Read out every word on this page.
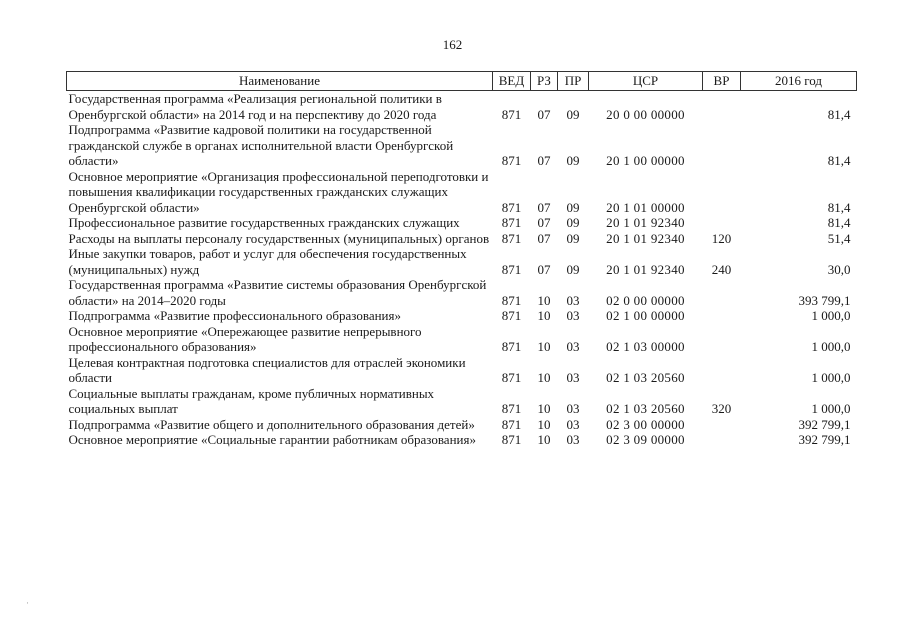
162
Наименование	ВЕД	РЗ	ПР	ЦСР	ВР	2016 год
Государственная программа «Реализация региональной политики в Оренбургской области» на 2014 год и на перспективу до 2020 года	871	07	09	20 0 00 00000		81,4
Подпрограмма «Развитие кадровой политики на государственной гражданской службе в органах исполнительной власти Оренбургской области»	871	07	09	20 1 00 00000		81,4
Основное мероприятие «Организация профессиональной переподготовки и повышения квалификации государственных гражданских служащих Оренбургской области»	871	07	09	20 1 01 00000		81,4
Профессиональное развитие государственных гражданских служащих	871	07	09	20 1 01 92340		81,4
Расходы на выплаты персоналу государственных (муниципальных) органов	871	07	09	20 1 01 92340	120	51,4
Иные закупки товаров, работ и услуг для обеспечения государственных (муниципальных) нужд	871	07	09	20 1 01 92340	240	30,0
Государственная программа «Развитие системы образования Оренбургской области» на 2014–2020 годы	871	10	03	02 0 00 00000		393 799,1
Подпрограмма «Развитие профессионального образования»	871	10	03	02 1 00 00000		1 000,0
Основное мероприятие «Опережающее развитие непрерывного профессионального образования»	871	10	03	02 1 03 00000		1 000,0
Целевая контрактная подготовка специалистов для отраслей экономики области	871	10	03	02 1 03 20560		1 000,0
Социальные выплаты гражданам, кроме публичных нормативных социальных выплат	871	10	03	02 1 03 20560	320	1 000,0
Подпрограмма «Развитие общего и дополнительного образования детей»	871	10	03	02 3 00 00000		392 799,1
Основное мероприятие «Социальные гарантии работникам образования»	871	10	03	02 3 09 00000		392 799,1
·
